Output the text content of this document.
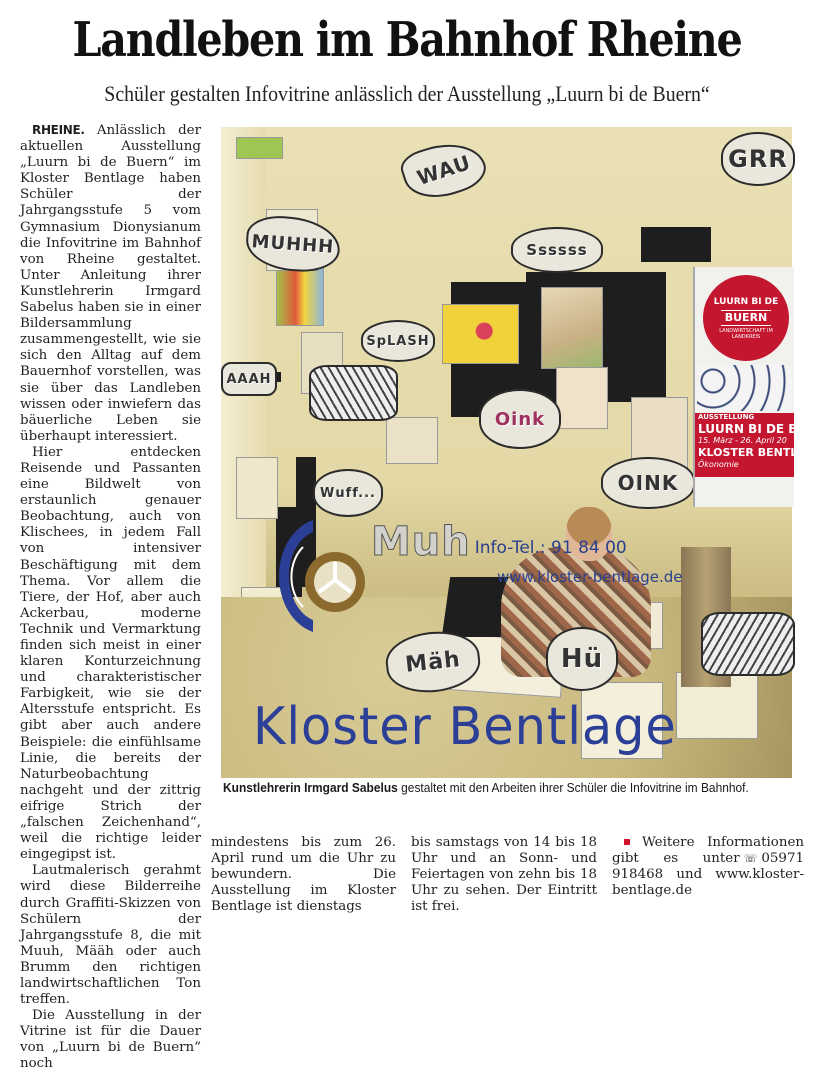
Landleben im Bahnhof Rheine
Schüler gestalten Infovitrine anlässlich der Ausstellung „Luurn bi de Buern“

RHEINE. Anlässlich der aktuellen Ausstellung „Luurn bi de Buern“ im Kloster Bentlage haben Schüler der Jahrgangsstufe 5 vom Gymnasium Dionysianum die Infovitrine im Bahnhof von Rheine gestaltet. Unter Anleitung ihrer Kunstlehrerin Irmgard Sabelus haben sie in einer Bildersammlung zusammengestellt, wie sie sich den Alltag auf dem Bauernhof vorstellen, was sie über das Landleben wissen oder inwiefern das bäuerliche Leben sie überhaupt interessiert.

Hier entdecken Reisende und Passanten eine Bildwelt von erstaunlich genauer Beobachtung, auch von Klischees, in jedem Fall von intensiver Beschäftigung mit dem Thema. Vor allem die Tiere, der Hof, aber auch Ackerbau, moderne Technik und Vermarktung finden sich meist in einer klaren Konturzeichnung und charakteristischer Farbigkeit, wie sie der Altersstufe entspricht. Es gibt aber auch andere Beispiele: die einfühlsame Linie, die bereits der Naturbeobachtung nachgeht und der zittrig eifrige Strich der „falschen Zeichenhand“, weil die richtige leider eingegipst ist.

Lautmalerisch gerahmt wird diese Bilderreihe durch Graffiti-Skizzen von Schülern der Jahrgangsstufe 8, die mit Muuh, Määh oder auch Brumm den richtigen landwirtschaftlichen Ton treffen.

Die Ausstellung in der Vitrine ist für die Dauer von „Luurn bi de Buern“ noch

MUHHH
WAU	GRR
Ssssss
SpLASH
AAAH
Oink
Wuff...	OINK
Mäh	Hü
LUURN BI DE
BUERN
LANDWIRTSCHAFT IM LANDKREIS
AUSSTELLUNG
LUURN BI DE B
15. März - 26. April 20
KLOSTER BENTLAG
Ökonomie
Muh Info-Tel.: 91 84 00
www.kloster-bentlage.de
Kloster Bentlage
Kunstlehrerin Irmgard Sabelus gestaltet mit den Arbeiten ihrer Schüler die Infovitrine im Bahnhof.

mindestens bis zum 26. April rund um die Uhr zu bewundern. Die Ausstellung im Kloster Bentlage ist dienstags

bis samstags von 14 bis 18 Uhr und an Sonn- und Feiertagen von zehn bis 18 Uhr zu sehen. Der Eintritt ist frei.

Weitere Informationen gibt es unter ☏ 05971 918468 und www.kloster-bentlage.de
